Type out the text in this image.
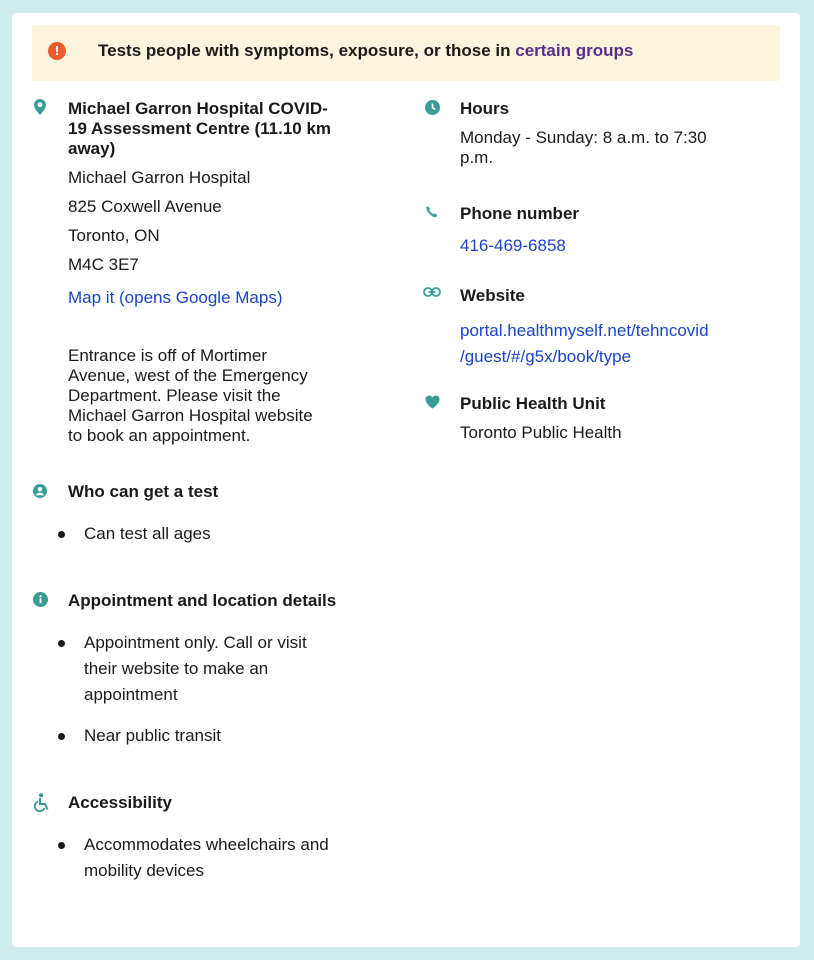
!	Tests people with symptoms, exposure, or those in certain groups
Michael Garron Hospital COVID-
19 Assessment Centre (11.10 km
away)
Michael Garron Hospital
825 Coxwell Avenue
Toronto, ON
M4C 3E7
Map it (opens Google Maps)
Entrance is off of Mortimer
Avenue, west of the Emergency
Department. Please visit the
Michael Garron Hospital website
to book an appointment.
Who can get a test
Can test all ages
Appointment and location details
Appointment only. Call or visit
their website to make an
appointment
Near public transit
Accessibility
Accommodates wheelchairs and
mobility devices
Hours
Monday - Sunday: 8 a.m. to 7:30
p.m.
Phone number
416-469-6858
Website
portal.healthmyself.net/tehncovid
/guest/#/g5x/book/type
Public Health Unit
Toronto Public Health
